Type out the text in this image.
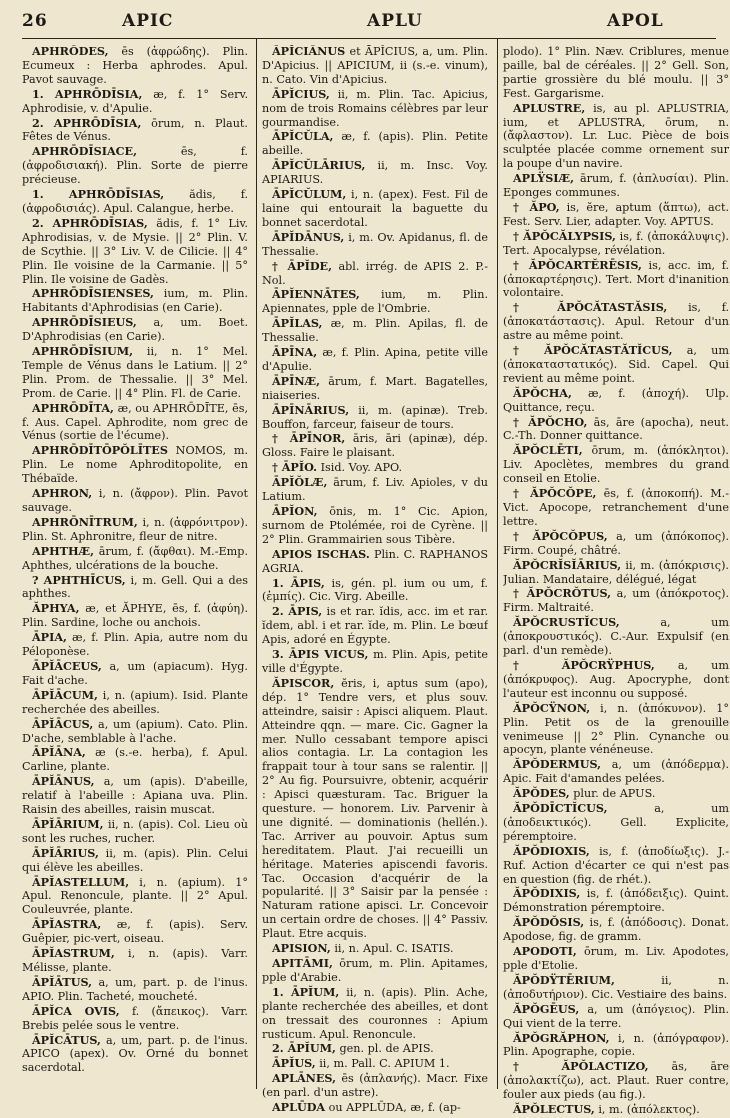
26	APIC	APLU	APOL

APHRŌDES, ēs (ἀφρώδης). Plin. Ecumeux : Herba aphrodes. Apul. Pavot sauvage.

1. APHRŌDĪSIA, æ, f. 1° Serv. Aphrodisie, v. d'Apulie.

2. APHRŌDĪSIA, ōrum, n. Plaut. Fêtes de Vénus.

APHRŌDĪSIACE,	ēs, f. (ἀφροδισιακή). Plin. Sorte de pierre précieuse.

1. APHRŌDĪSIAS, ădis, f. (ἀφροδισιάς). Apul. Calangue, herbe.

2. APHRŌDĪSIAS, ădis, f. 1° Liv. Aphrodisias, v. de Mysie. || 2° Plin. V. de Scythie. || 3° Liv. V. de Cilicie. || 4° Plin. Ile voisine de la Carmanie. || 5° Plin. Ile voisine de Gadès.

APHRŌDĪSIENSES, ium, m. Plin. Habitants d'Aphrodisias (en Carie).

APHRŌDĪSIEUS, a, um. Boet. D'Aphrodisias (en Carie).

APHRŌDĪSIUM, ii, n. 1° Mel. Temple de Vénus dans le Latium. || 2° Plin. Prom. de Thessalie. || 3° Mel. Prom. de Carie. || 4° Plin. Fl. de Carie.

APHRŌDĪTA, æ, ou APHRŌDĪTE, ēs, f. Aus. Capel. Aphrodite, nom grec de Vénus (sortie de l'écume).

APHRŌDĪTŌPŎLĪTES NOMOS, m. Plin. Le nome Aphroditopolite, en Thébaïde.

APHRON, i, n. (ἄφρον). Plin. Pavot sauvage.

APHRŌNĪTRUM, i, n. (ἀφρόνιτρον). Plin. St. Aphronitre, fleur de nitre.

APHTHÆ, ārum, f. (ἄφθαι). M.-Emp. Aphthes, ulcérations de la bouche.

? APHTHĪCUS, i, m. Gell. Qui a des aphthes.

ĂPHYA, æ, et ĂPHYE, ēs, f. (ἀφύη). Plin. Sardine, loche ou anchois.

ĀPIA, æ, f. Plin. Apia, autre nom du Péloponèse.

ĀPĬĀCEUS, a, um (apiacum). Hyg. Fait d'ache.

ĀPĬĀCUM, i, n. (apium). Isid. Plante recherchée des abeilles.

ĀPĬĀCUS, a, um (apium). Cato. Plin. D'ache, semblable à l'ache.

ĀPĬĀNA, æ (s.-e. herba), f. Apul. Carline, plante.

ĀPĬĀNUS, a, um (apis). D'abeille, relatif à l'abeille : Apiana uva. Plin. Raisin des abeilles, raisin muscat.

ĀPĬĀRIUM, ii, n. (apis). Col. Lieu où sont les ruches, rucher.

ĀPĬĀRIUS, ii, m. (apis). Plin. Celui qui élève les abeilles.

ĀPĬASTELLUM, i, n. (apium). 1° Apul. Renoncule, plante. || 2° Apul. Couleuvrée, plante.

ĀPĬASTRA, æ, f. (apis). Serv. Guêpier, pic-vert, oiseau.

ĀPĬASTRUM, i, n. (apis). Varr. Mélisse, plante.

ĀPĬĀTUS, a, um, part. p. de l'inus. APIO. Plin. Tacheté, moucheté.

ĀPĬCA OVIS, f. (ἄπεικος). Varr. Brebis pelée sous le ventre.

ĀPĬCĀTUS, a, um, part. p. de l'inus. APICO (apex). Ov. Orné du bonnet sacerdotal.

ĀPĬCIĀNUS et ĀPĬCIUS, a, um. Plin. D'Apicius. || APICIUM, ii (s.-e. vinum), n. Cato. Vin d'Apicius.

ĀPĬCIUS, ii, m. Plin. Tac. Apicius, nom de trois Romains célèbres par leur gourmandise.

ĀPĬCŬLA, æ, f. (apis). Plin. Petite abeille.

ĀPĬCŬLĀRIUS, ii, m. Insc. Voy. APIARIUS.

ĀPĬCŬLUM, i, n. (apex). Fest. Fil de laine qui entourait la baguette du bonnet sacerdotal.

ĀPĬDĀNUS, i, m. Ov. Apidanus, fl. de Thessalie.

† ĀPĬDE, abl. irrég. de APIS 2. P.-Nol.

ĀPĬENNĀTES, ium, m. Plin. Apiennates, pple de l'Ombrie.

ĀPĬLAS, æ, m. Plin. Apilas, fl. de Thessalie.

ĀPĪNA, æ, f. Plin. Apina, petite ville d'Apulie.

ĀPĪNÆ, ārum, f. Mart. Bagatelles, niaiseries.

ĀPĪNĀRIUS, ii, m. (apinæ). Treb. Bouffon, farceur, faiseur de tours.

† ĀPĪNOR, āris, āri (apinæ), dép. Gloss. Faire le plaisant.

† ĀPĬO. Isid. Voy. APO.

ĀPĬŎLÆ, ārum, f. Liv. Apioles, v du Latium.

ĀPĬON, ōnis, m. 1° Cic. Apion, surnom de Ptolémée, roi de Cyrène. || 2° Plin. Grammairien sous Tibère.

APIOS ISCHAS. Plin. C. RAPHANOS AGRIA.

1. ĀPIS, is, gén. pl. ium ou um, f. (ἐμπίς). Cic. Virg. Abeille.

2. ĀPIS, is et rar. ĭdis, acc. im et rar. ĭdem, abl. i et rar. ĭde, m. Plin. Le bœuf Apis, adoré en Égypte.

3. ĀPIS VICUS, m. Plin. Apis, petite ville d'Égypte.

ĂPISCOR, ĕris, i, aptus sum (apo), dép. 1° Tendre vers, et plus souv. atteindre, saisir : Apisci aliquem. Plaut. Atteindre qqn. — mare. Cic. Gagner la mer. Nullo cessabant tempore apisci alios contagia. Lr. La contagion les frappait tour à tour sans se ralentir. || 2° Au fig. Poursuivre, obtenir, acquérir : Apisci quæsturam. Tac. Briguer la questure. — honorem. Liv. Parvenir à une dignité. — dominationis (hellén.). Tac. Arriver au pouvoir. Aptus sum hereditatem. Plaut. J'ai recueilli un héritage. Materies apiscendi favoris. Tac. Occasion d'acquérir de la popularité. || 3° Saisir par la pensée : Naturam ratione apisci. Lr. Concevoir un certain ordre de choses. || 4° Passiv. Plaut. Etre acquis.

APISION, ii, n. Apul. C. ISATIS.

APITĀMI, ōrum, m. Plin. Apitames, pple d'Arabie.

1. ĀPĬUM, ii, n. (apis). Plin. Ache, plante recherchée des abeilles, et dont on tressait des couronnes : Apium rusticum. Apul. Renoncule.

2. ĀPĬUM, gen. pl. de APIS.

ĀPĬUS, ii, m. Pall. C. APIUM 1.

APLĀNES, ēs (ἀπλανής). Macr. Fixe (en parl. d'un astre).

APLŪDA ou APPLŪDA, æ, f. (ap-

plodo). 1° Plin. Næv. Criblures, menue paille, bal de céréales. || 2° Gell. Son, partie grossière du blé moulu. || 3° Fest. Gargarisme.

APLUSTRE, is, au pl. APLUSTRIA, ium, et APLUSTRA, ōrum, n. (ἄφλαστον). Lr. Luc. Pièce de bois sculptée placée comme ornement sur la poupe d'un navire.

APLŸSIÆ, ārum, f. (ἀπλυσίαι). Plin. Eponges communes.

† ĂPO, is, ĕre, aptum (ἅπτω), act. Fest. Serv. Lier, adapter. Voy. APTUS.

† ĂPŎCĂLYPSIS, is, f. (ἀποκάλυψις). Tert. Apocalypse, révélation.

† ĂPŎCARTĔRĒSIS, is, acc. im, f. (ἀποκαρτέρησις). Tert. Mort d'inanition volontaire.

† ĂPŎCĂTASTĂSIS, is, f. (ἀποκατάστασις). Apul. Retour d'un astre au même point.

† ĂPŎCĂTASTĂTĬCUS, a, um (ἀποκαταστατικός). Sid. Capel. Qui revient au même point.

ĂPŎCHA, æ, f. (ἀποχή). Ulp. Quittance, reçu.

† ĂPŎCHO, ās, āre (apocha), neut. C.-Th. Donner quittance.

ĂPŎCLĒTI, ōrum, m. (ἀπόκλητοι). Liv. Apoclètes, membres du grand conseil en Etolie.

† ĂPŎCŎPE, ēs, f. (ἀποκοπή). M.-Vict. Apocope, retranchement d'une lettre.

† ĂPŎCŎPUS, a, um (ἀπόκοπος). Firm. Coupé, châtré.

ĂPŎCRĬSĬĀRIUS, ii, m. (ἀπόκρισις). Julian. Mandataire, délégué, légat

† ĂPŎCRŎTUS, a, um (ἀπόκροτος). Firm. Maltraité.

ĂPŎCRUSTĬCUS,	a, um (ἀποκρουστικός). C.-Aur. Expulsif (en parl. d'un remède).

† ĂPŎCRŸPHUS, a, um (ἀπόκρυφος). Aug. Apocryphe, dont l'auteur est inconnu ou supposé.

ĂPŎCŸNON, i, n. (ἀπόκυνον). 1° Plin. Petit os de la grenouille venimeuse || 2° Plin. Cynanche ou apocyn, plante vénéneuse.

ĂPŎDERMUS, a, um (ἀπόδερμα). Apic. Fait d'amandes pelées.

ĂPŎDES, plur. de APUS.

ĂPŎDĪCTĬCUS,	a, um (ἀποδεικτικός). Gell. Explicite, péremptoire.

ĂPŎDIOXIS, is, f. (ἀποδίωξις). J.-Ruf. Action d'écarter ce qui n'est pas en question (fig. de rhét.).

ĂPŎDIXIS, is, f. (ἀπόδειξις). Quint. Démonstration péremptoire.

ĂPŎDŎSIS, is, f. (ἀπόδοσις). Donat. Apodose, fig. de gramm.

APODOTI, ōrum, m. Liv. Apodotes, pple d'Etolie.

ĂPŎDŸTĒRIUM,	ii, n. (ἀποδυτήριον). Cic. Vestiaire des bains.

ĂPŎGĒUS, a, um (ἀπόγειος). Plin. Qui vient de la terre.

ĂPŎGRĂPHON, i, n. (ἀπόγραφον). Plin. Apographe, copie.

† ĂPŎLACTIZO, ās, āre (ἀπολακτίζω), act. Plaut. Ruer contre, fouler aux pieds (au fig.).

ĂPŎLECTUS, i, m. (ἀπόλεκτος).
